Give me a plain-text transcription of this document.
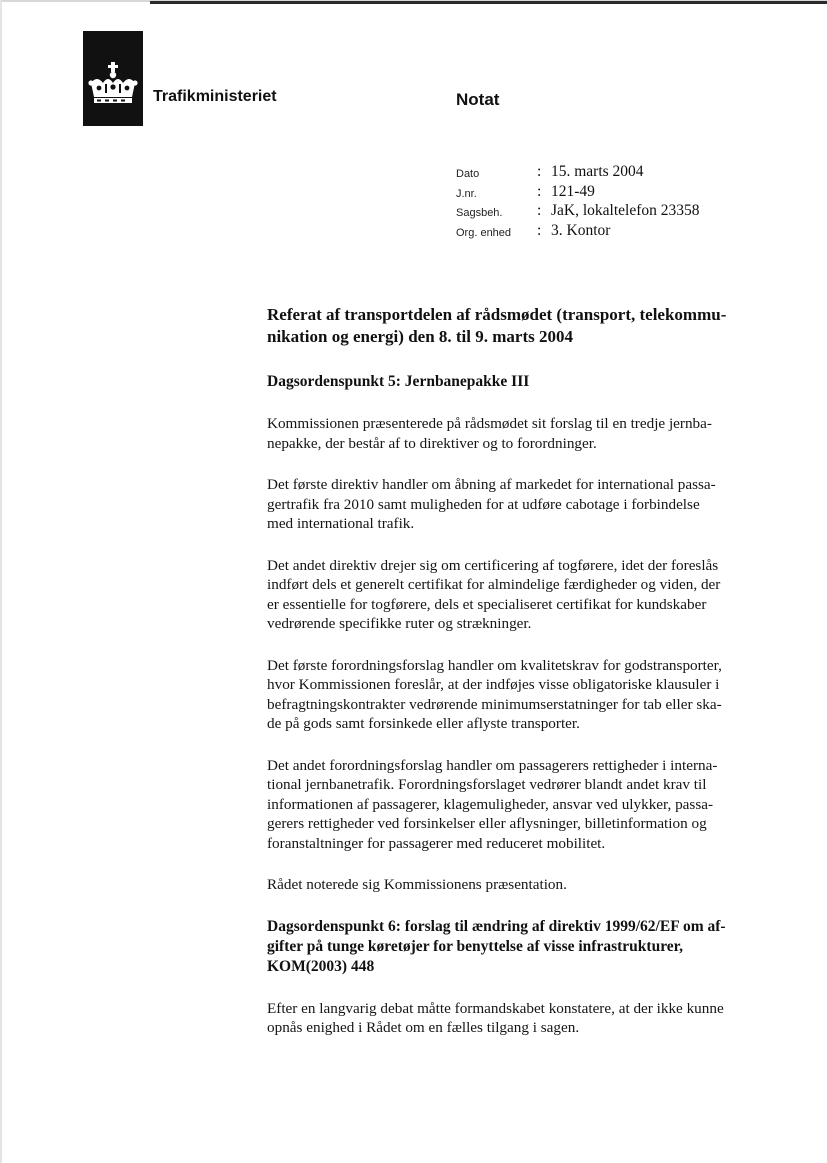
Trafikministeriet	Notat
Dato	: 15. marts 2004
J.nr.	: 121-49
Sagsbeh. : JaK, lokaltelefon 23358
Org. enhed : 3. Kontor
Referat af transportdelen af rådsmødet (transport, telekommu-
nikation og energi) den 8. til 9. marts 2004
Dagsordenspunkt 5: Jernbanepakke III

Kommissionen præsenterede på rådsmødet sit forslag til en tredje jernba-
nepakke, der består af to direktiver og to forordninger.

Det første direktiv handler om åbning af markedet for international passa-
gertrafik fra 2010 samt muligheden for at udføre cabotage i forbindelse
med international trafik.

Det andet direktiv drejer sig om certificering af togførere, idet der foreslås
indført dels et generelt certifikat for almindelige færdigheder og viden, der
er essentielle for togførere, dels et specialiseret certifikat for kundskaber
vedrørende specifikke ruter og strækninger.

Det første forordningsforslag handler om kvalitetskrav for godstransporter,
hvor Kommissionen foreslår, at der indføjes visse obligatoriske klausuler i
befragtningskontrakter vedrørende minimumserstatninger for tab eller ska-
de på gods samt forsinkede eller aflyste transporter.

Det andet forordningsforslag handler om passagerers rettigheder i interna-
tional jernbanetrafik. Forordningsforslaget vedrører blandt andet krav til
informationen af passagerer, klagemuligheder, ansvar ved ulykker, passa-
gerers rettigheder ved forsinkelser eller aflysninger, billetinformation og
foranstaltninger for passagerer med reduceret mobilitet.

Rådet noterede sig Kommissionens præsentation.

Dagsordenspunkt 6: forslag til ændring af direktiv 1999/62/EF om af-
gifter på tunge køretøjer for benyttelse af visse infrastrukturer,
KOM(2003) 448

Efter en langvarig debat måtte formandskabet konstatere, at der ikke kunne
opnås enighed i Rådet om en fælles tilgang i sagen.
